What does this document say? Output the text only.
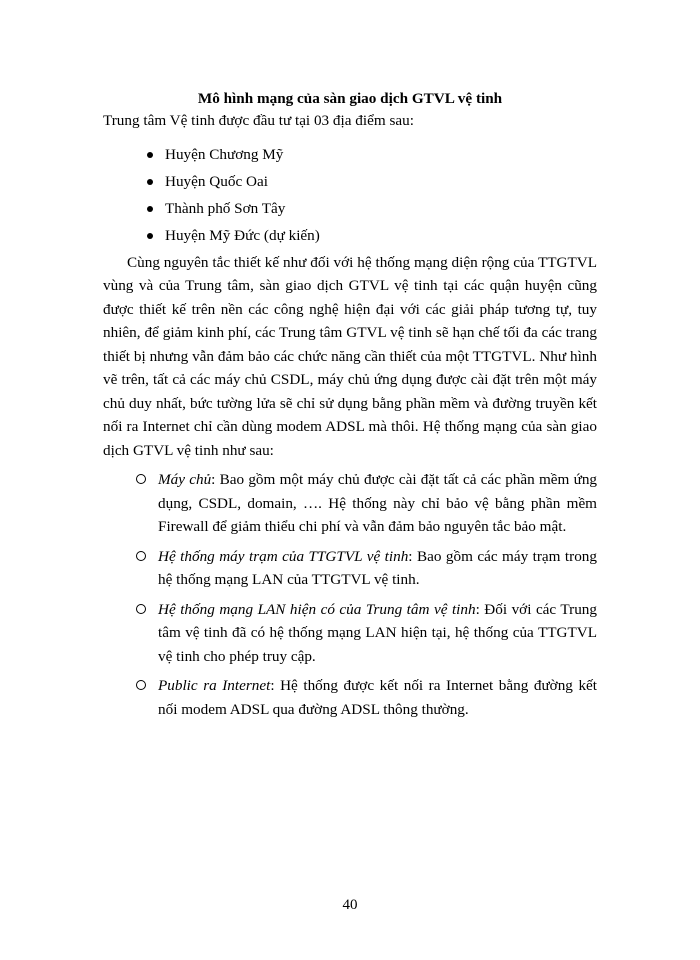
Mô hình mạng của sàn giao dịch GTVL vệ tinh

Trung tâm Vệ tinh được đầu tư tại 03 địa điểm sau:

Huyện Chương Mỹ
Huyện Quốc Oai
Thành phố Sơn Tây
Huyện Mỹ Đức (dự kiến)

Cùng nguyên tắc thiết kế như đối với hệ thống mạng diện rộng của TTGTVL vùng và của Trung tâm, sàn giao dịch GTVL vệ tinh tại các quận huyện cũng được thiết kế trên nền các công nghệ hiện đại với các giải pháp tương tự, tuy nhiên, để giảm kinh phí, các Trung tâm GTVL vệ tinh sẽ hạn chế tối đa các trang thiết bị nhưng vẫn đảm bảo các chức năng cần thiết của một TTGTVL. Như hình vẽ trên, tất cả các máy chủ CSDL, máy chủ ứng dụng được cài đặt trên một máy chủ duy nhất, bức tường lửa sẽ chỉ sử dụng bằng phần mềm và đường truyền kết nối ra Internet chỉ cần dùng modem ADSL mà thôi. Hệ thống mạng của sàn giao dịch GTVL vệ tinh như sau:

Máy chủ: Bao gồm một máy chủ được cài đặt tất cả các phần mềm ứng dụng, CSDL, domain, …. Hệ thống này chỉ bảo vệ bằng phần mềm Firewall để giảm thiểu chi phí và vẫn đảm bảo nguyên tắc bảo mật.
Hệ thống máy trạm của TTGTVL vệ tinh: Bao gồm các máy trạm trong hệ thống mạng LAN của TTGTVL vệ tinh.
Hệ thống mạng LAN hiện có của Trung tâm vệ tinh: Đối với các Trung tâm vệ tinh đã có hệ thống mạng LAN hiện tại, hệ thống của TTGTVL vệ tinh cho phép truy cập.
Public ra Internet: Hệ thống được kết nối ra Internet bằng đường kết nối modem ADSL qua đường ADSL thông thường.
40
